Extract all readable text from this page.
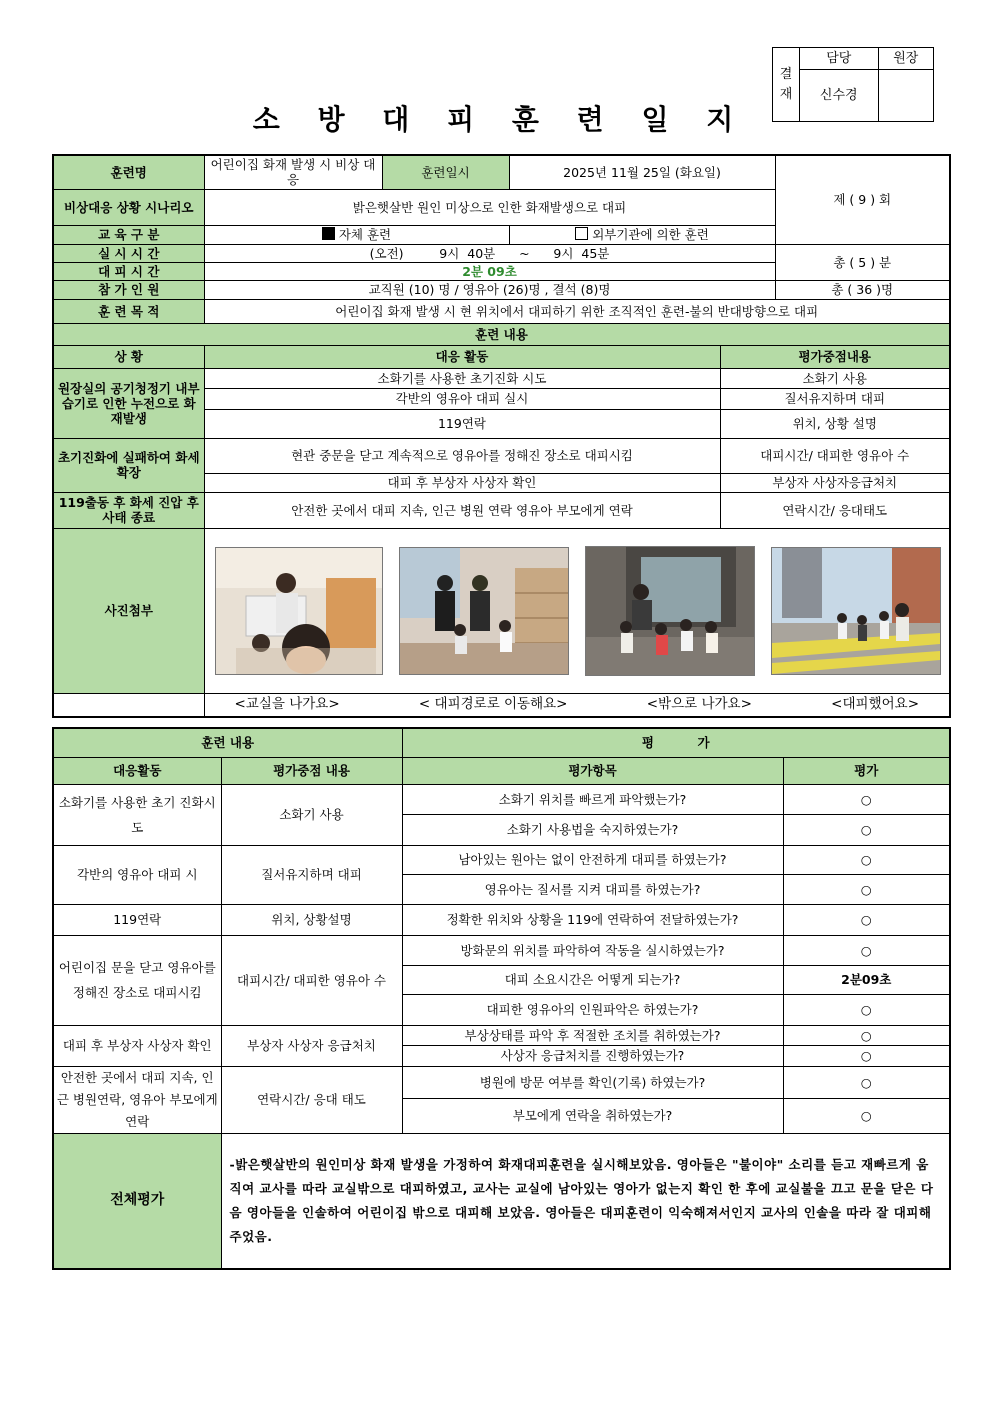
결 재	담당	원장
	신수경	
소 방 대 피 훈 련 일 지
훈련명	어린이집 화재 발생 시 비상 대응	훈련일시	2025년 11월 25일 (화요일)		제 ( 9 ) 회
비상대응 상황 시나리오	밝은햇살반 원인 미상으로 인한 화재발생으로 대피				
교 육 구 분	자체 훈련		외부기관에 의한 훈련		
실 시 시 간	(오전)         9시  40분      ~      9시  45분				총 ( 5 ) 분
대 피 시 간	2분 09초				
참 가 인 원	교직원 (10) 명 / 영유아 (26)명 , 결석 (8)명				총 ( 36 )명
훈 련 목 적	어린이집 화재 발생 시 현 위치에서 대피하기 위한 조직적인 훈련-불의 반대방향으로 대피				
훈련 내용					
상 황	대응 활동			평가중점내용	
원장실의 공기청정기 내부 습기로 인한 누전으로 화재발생	소화기를 사용한 초기진화 시도			소화기 사용	
	각반의 영유아 대피 실시			질서유지하며 대피	
	119연락			위치, 상황 설명	
초기진화에 실패하여 화세 확장	현관 중문을 닫고 계속적으로 영유아를 정해진 장소로 대피시킴			대피시간/ 대피한 영유아 수	
	대피 후 부상자 사상자 확인			부상자 사상자응급처치	
119출동 후 화세 진압 후 사태 종료	안전한 곳에서 대피 지속, 인근 병원 연락 영유아 부모에게 연락			연락시간/ 응대태도	
사진첨부	

	<교실을 나가요> < 대피경로로 이동해요> <밖으로 나가요> <대피했어요>				
훈련 내용		평          가	
대응활동	평가중점 내용	평가항목	평가
소화기를 사용한 초기 진화시도	소화기 사용	소화기 위치를 빠르게 파악했는가?	○
		소화기 사용법을 숙지하였는가?	○
각반의 영유아 대피 시	질서유지하며 대피	남아있는 원아는 없이 안전하게 대피를 하였는가?	○
		영유아는 질서를 지켜 대피를 하였는가?	○
119연락	위치, 상황설명	정확한 위치와 상황을 119에 연락하여 전달하였는가?	○
어린이집 문을 닫고 영유아를 정해진 장소로 대피시킴	대피시간/ 대피한 영유아 수	방화문의 위치를 파악하여 작동을 실시하였는가?	○
		대피 소요시간은 어떻게 되는가?	2분09초
		대피한 영유아의 인원파악은 하였는가?	○
대피 후 부상자 사상자 확인	부상자 사상자 응급처치	부상상태를 파악 후 적절한 조치를 취하였는가?	○
		사상자 응급처치를 진행하였는가?	○
안전한 곳에서 대피 지속, 인근 병원연락, 영유아 부모에게 연락	연락시간/ 응대 태도	병원에 방문 여부를 확인(기록) 하였는가?	○
		부모에게 연락을 취하였는가?	○
전체평가	-밝은햇살반의 원인미상 화재 발생을 가정하여 화재대피훈련을 실시해보았음. 영아들은 "불이야" 소리를 듣고 재빠르게 움직여 교사를 따라 교실밖으로 대피하였고, 교사는 교실에 남아있는 영아가 없는지 확인 한 후에 교실불을 끄고 문을 닫은 다음 영아들을 인솔하여 어린이집 밖으로 대피해 보았음. 영아들은 대피훈련이 익숙해져서인지 교사의 인솔을 따라 잘 대피해주었음.		
